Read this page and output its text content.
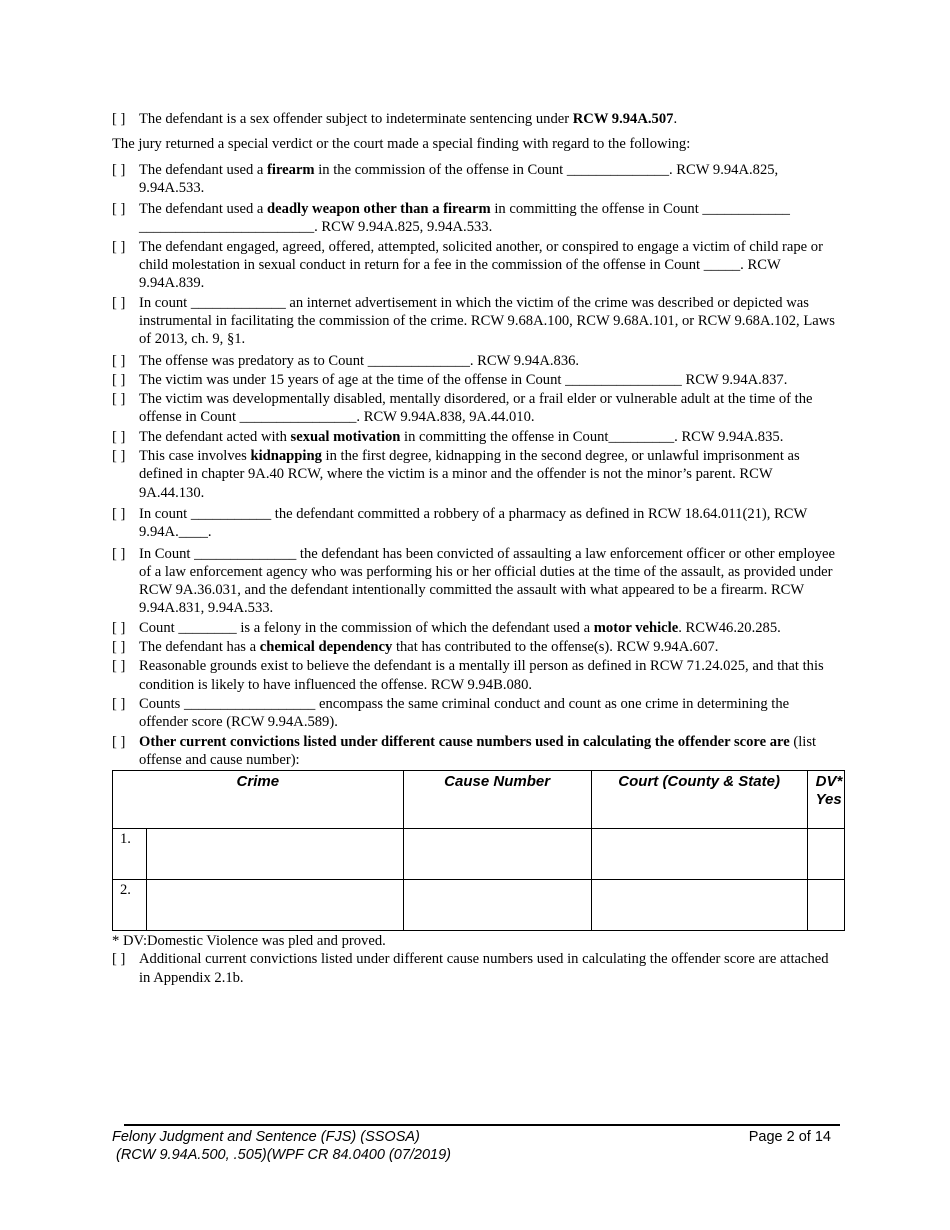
[ ] The defendant is a sex offender subject to indeterminate sentencing under RCW 9.94A.507.
The jury returned a special verdict or the court made a special finding with regard to the following:
[ ] The defendant used a firearm in the commission of the offense in Count ______________. RCW 9.94A.825, 9.94A.533.
[ ] The defendant used a deadly weapon other than a firearm in committing the offense in Count ____________ ________________________. RCW 9.94A.825, 9.94A.533.
[ ] The defendant engaged, agreed, offered, attempted, solicited another, or conspired to engage a victim of child rape or child molestation in sexual conduct in return for a fee in the commission of the offense in Count _____. RCW 9.94A.839.
[ ] In count _____________ an internet advertisement in which the victim of the crime was described or depicted was instrumental in facilitating the commission of the crime. RCW 9.68A.100, RCW 9.68A.101, or RCW 9.68A.102, Laws of 2013, ch. 9, §1.
[ ] The offense was predatory as to Count ______________. RCW 9.94A.836.
[ ] The victim was under 15 years of age at the time of the offense in Count ________________ RCW 9.94A.837.
[ ] The victim was developmentally disabled, mentally disordered, or a frail elder or vulnerable adult at the time of the offense in Count ________________. RCW 9.94A.838, 9A.44.010.
[ ] The defendant acted with sexual motivation in committing the offense in Count_________. RCW 9.94A.835.
[ ] This case involves kidnapping in the first degree, kidnapping in the second degree, or unlawful imprisonment as defined in chapter 9A.40 RCW, where the victim is a minor and the offender is not the minor’s parent. RCW 9A.44.130.
[ ] In count ___________ the defendant committed a robbery of a pharmacy as defined in RCW 18.64.011(21), RCW 9.94A.____.
[ ] In Count ______________ the defendant has been convicted of assaulting a law enforcement officer or other employee of a law enforcement agency who was performing his or her official duties at the time of the assault, as provided under RCW 9A.36.031, and the defendant intentionally committed the assault with what appeared to be a firearm. RCW 9.94A.831, 9.94A.533.
[ ] Count ________ is a felony in the commission of which the defendant used a motor vehicle. RCW46.20.285.
[ ] The defendant has a chemical dependency that has contributed to the offense(s). RCW 9.94A.607.
[ ] Reasonable grounds exist to believe the defendant is a mentally ill person as defined in RCW 71.24.025, and that this condition is likely to have influenced the offense. RCW 9.94B.080.
[ ] Counts __________________ encompass the same criminal conduct and count as one crime in determining the offender score (RCW 9.94A.589).
[ ] Other current convictions listed under different cause numbers used in calculating the offender score are (list offense and cause number):
Crime		Cause Number	Court (County & State)	DV*
Yes

1.				
2.				
* DV:Domestic Violence was pled and proved.
[ ] Additional current convictions listed under different cause numbers used in calculating the offender score are attached in Appendix 2.1b.
Felony Judgment and Sentence (FJS) (SSOSA)
(RCW 9.94A.500, .505)(WPF CR 84.0400 (07/2019)
Page 2 of 14
